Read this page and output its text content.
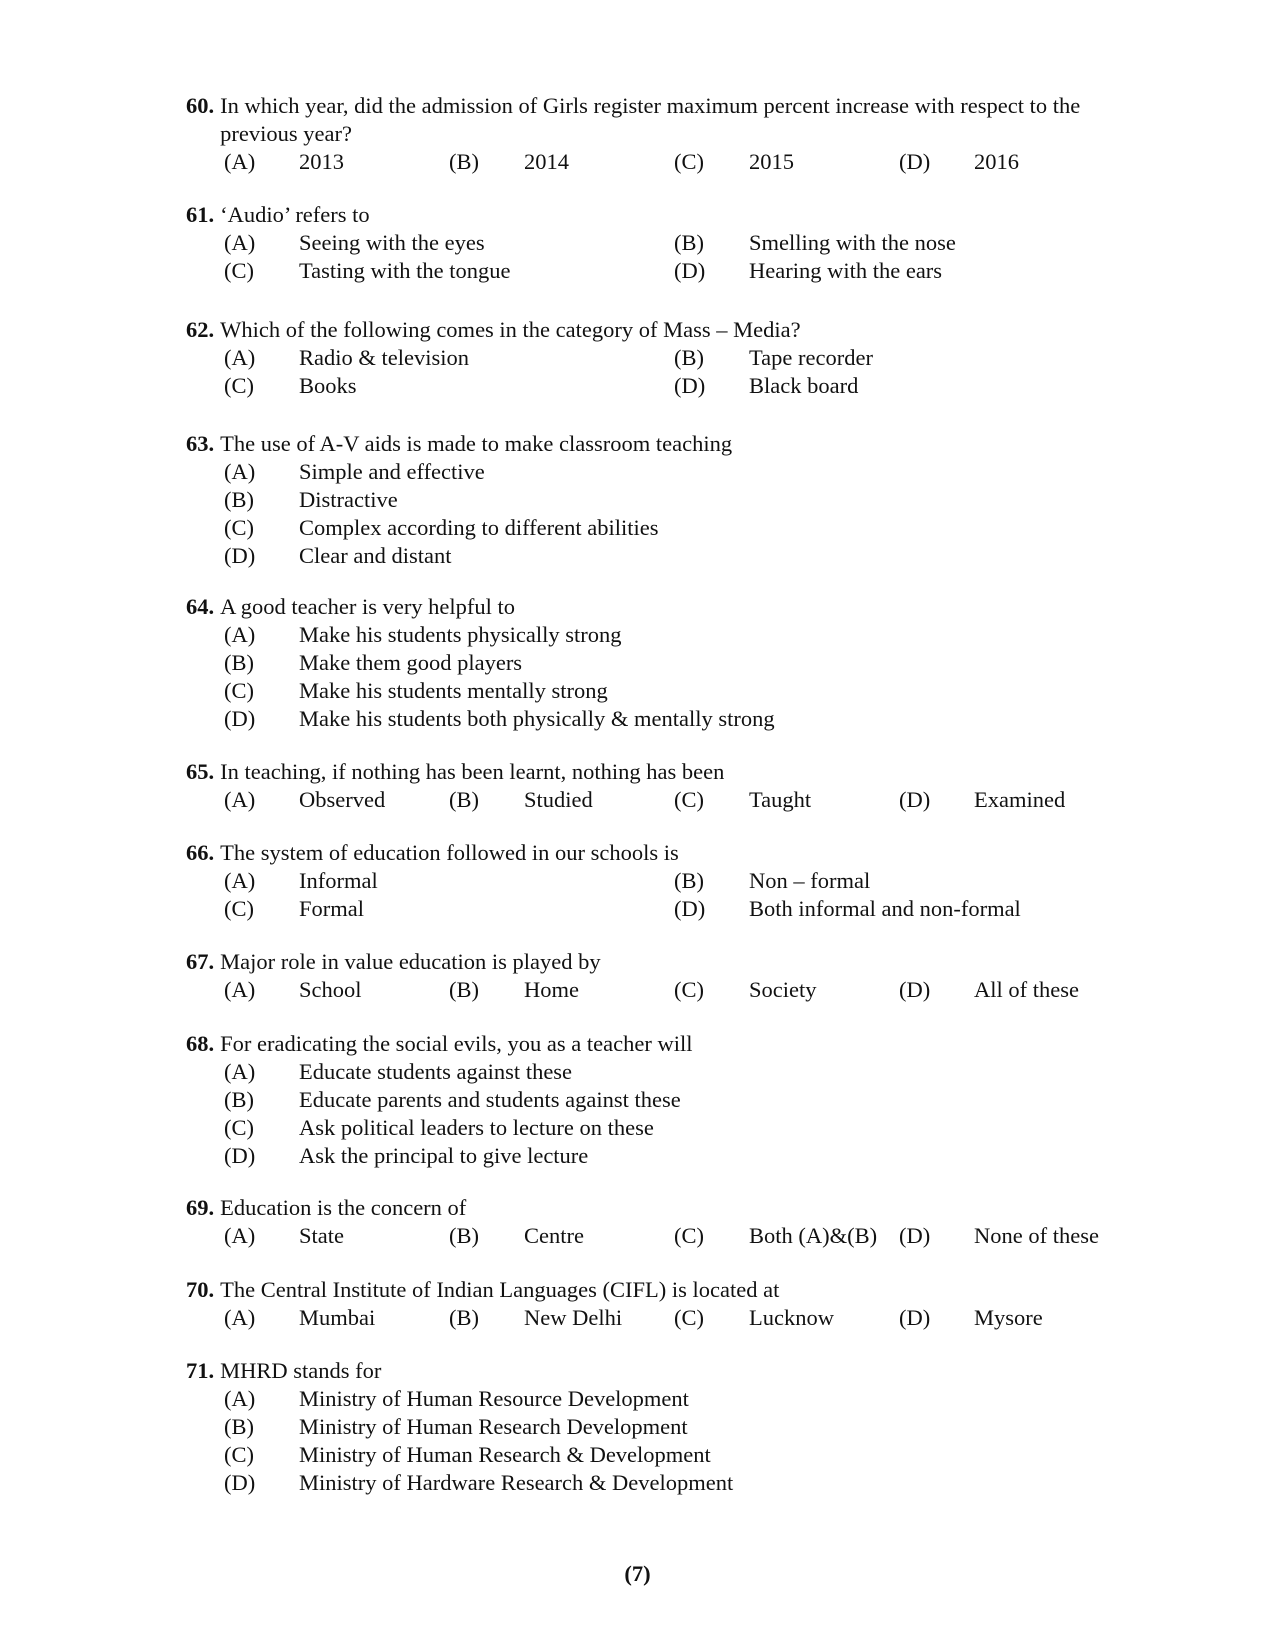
60. In which year, did the admission of Girls register maximum percent increase with respect to the previous year?
(A) 2013	(B) 2014	(C) 2015	(D) 2016
61. ‘Audio’ refers to
(A) Seeing with the eyes	(B) Smelling with the nose
(C) Tasting with the tongue	(D) Hearing with the ears
62. Which of the following comes in the category of Mass – Media?
(A) Radio & television	(B) Tape recorder
(C) Books	(D) Black board
63. The use of A-V aids is made to make classroom teaching
(A) Simple and effective
(B) Distractive
(C) Complex according to different abilities
(D) Clear and distant
64. A good teacher is very helpful to
(A) Make his students physically strong
(B) Make them good players
(C) Make his students mentally strong
(D) Make his students both physically & mentally strong
65. In teaching, if nothing has been learnt, nothing has been
(A) Observed	(B) Studied	(C) Taught	(D) Examined
66. The system of education followed in our schools is
(A) Informal	(B) Non – formal
(C) Formal	(D) Both informal and non-formal
67. Major role in value education is played by
(A) School	(B) Home	(C) Society	(D) All of these
68. For eradicating the social evils, you as a teacher will
(A) Educate students against these
(B) Educate parents and students against these
(C) Ask political leaders to lecture on these
(D) Ask the principal to give lecture
69. Education is the concern of
(A) State	(B) Centre	(C) Both (A)&(B) (D) None of these
70. The Central Institute of Indian Languages (CIFL) is located at
(A) Mumbai	(B) New Delhi	(C) Lucknow	(D) Mysore
71. MHRD stands for
(A) Ministry of Human Resource Development
(B) Ministry of Human Research Development
(C) Ministry of Human Research & Development
(D) Ministry of Hardware Research & Development
(7)
